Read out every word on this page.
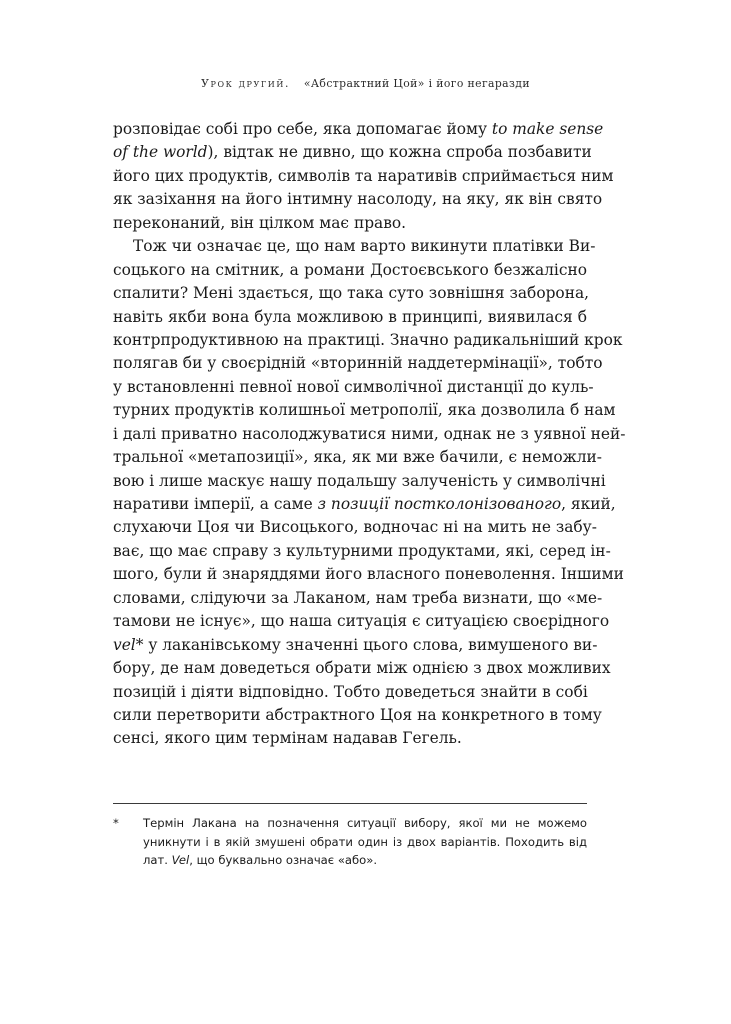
Урок другий. «Абстрактний Цой» і його негаразди
розповідає собі про себе, яка допомагає йому to make sense
of the world), відтак не дивно, що кожна спроба позбавити
його цих продуктів, символів та наративів сприймається ним
як зазіхання на його інтимну насолоду, на яку, як він свято
переконаний, він цілком має право.
Тож чи означає це, що нам варто викинути платівки Ви-
соцького на смітник, а романи Достоєвського безжалісно
спалити? Мені здається, що така суто зовнішня заборона,
навіть якби вона була можливою в принципі, виявилася б
контрпродуктивною на практиці. Значно радикальніший крок
полягав би у своєрідній «вторинній наддетермінації», тобто
у встановленні певної нової символічної дистанції до куль-
турних продуктів колишньої метрополії, яка дозволила б нам
і далі приватно насолоджуватися ними, однак не з уявної ней-
тральної «метапозиції», яка, як ми вже бачили, є неможли-
вою і лише маскує нашу подальшу залученість у символічні
наративи імперії, а саме з позиції постколонізованого, який,
слухаючи Цоя чи Висоцького, водночас ні на мить не забу-
ває, що має справу з культурними продуктами, які, серед ін-
шого, були й знаряддями його власного поневолення. Іншими
словами, слідуючи за Лаканом, нам треба визнати, що «ме-
тамови не існує», що наша ситуація є ситуацією своєрідного
vel* у лаканівському значенні цього слова, вимушеного ви-
бору, де нам доведеться обрати між однією з двох можливих
позицій і діяти відповідно. Тобто доведеться знайти в собі
сили перетворити абстрактного Цоя на конкретного в тому
сенсі, якого цим термінам надавав Гегель.
* Термін Лакана на позначення ситуації вибору, якої ми не можемо
уникнути і в якій змушені обрати один із двох варіантів. Походить від
лат. Vel, що буквально означає «або».
